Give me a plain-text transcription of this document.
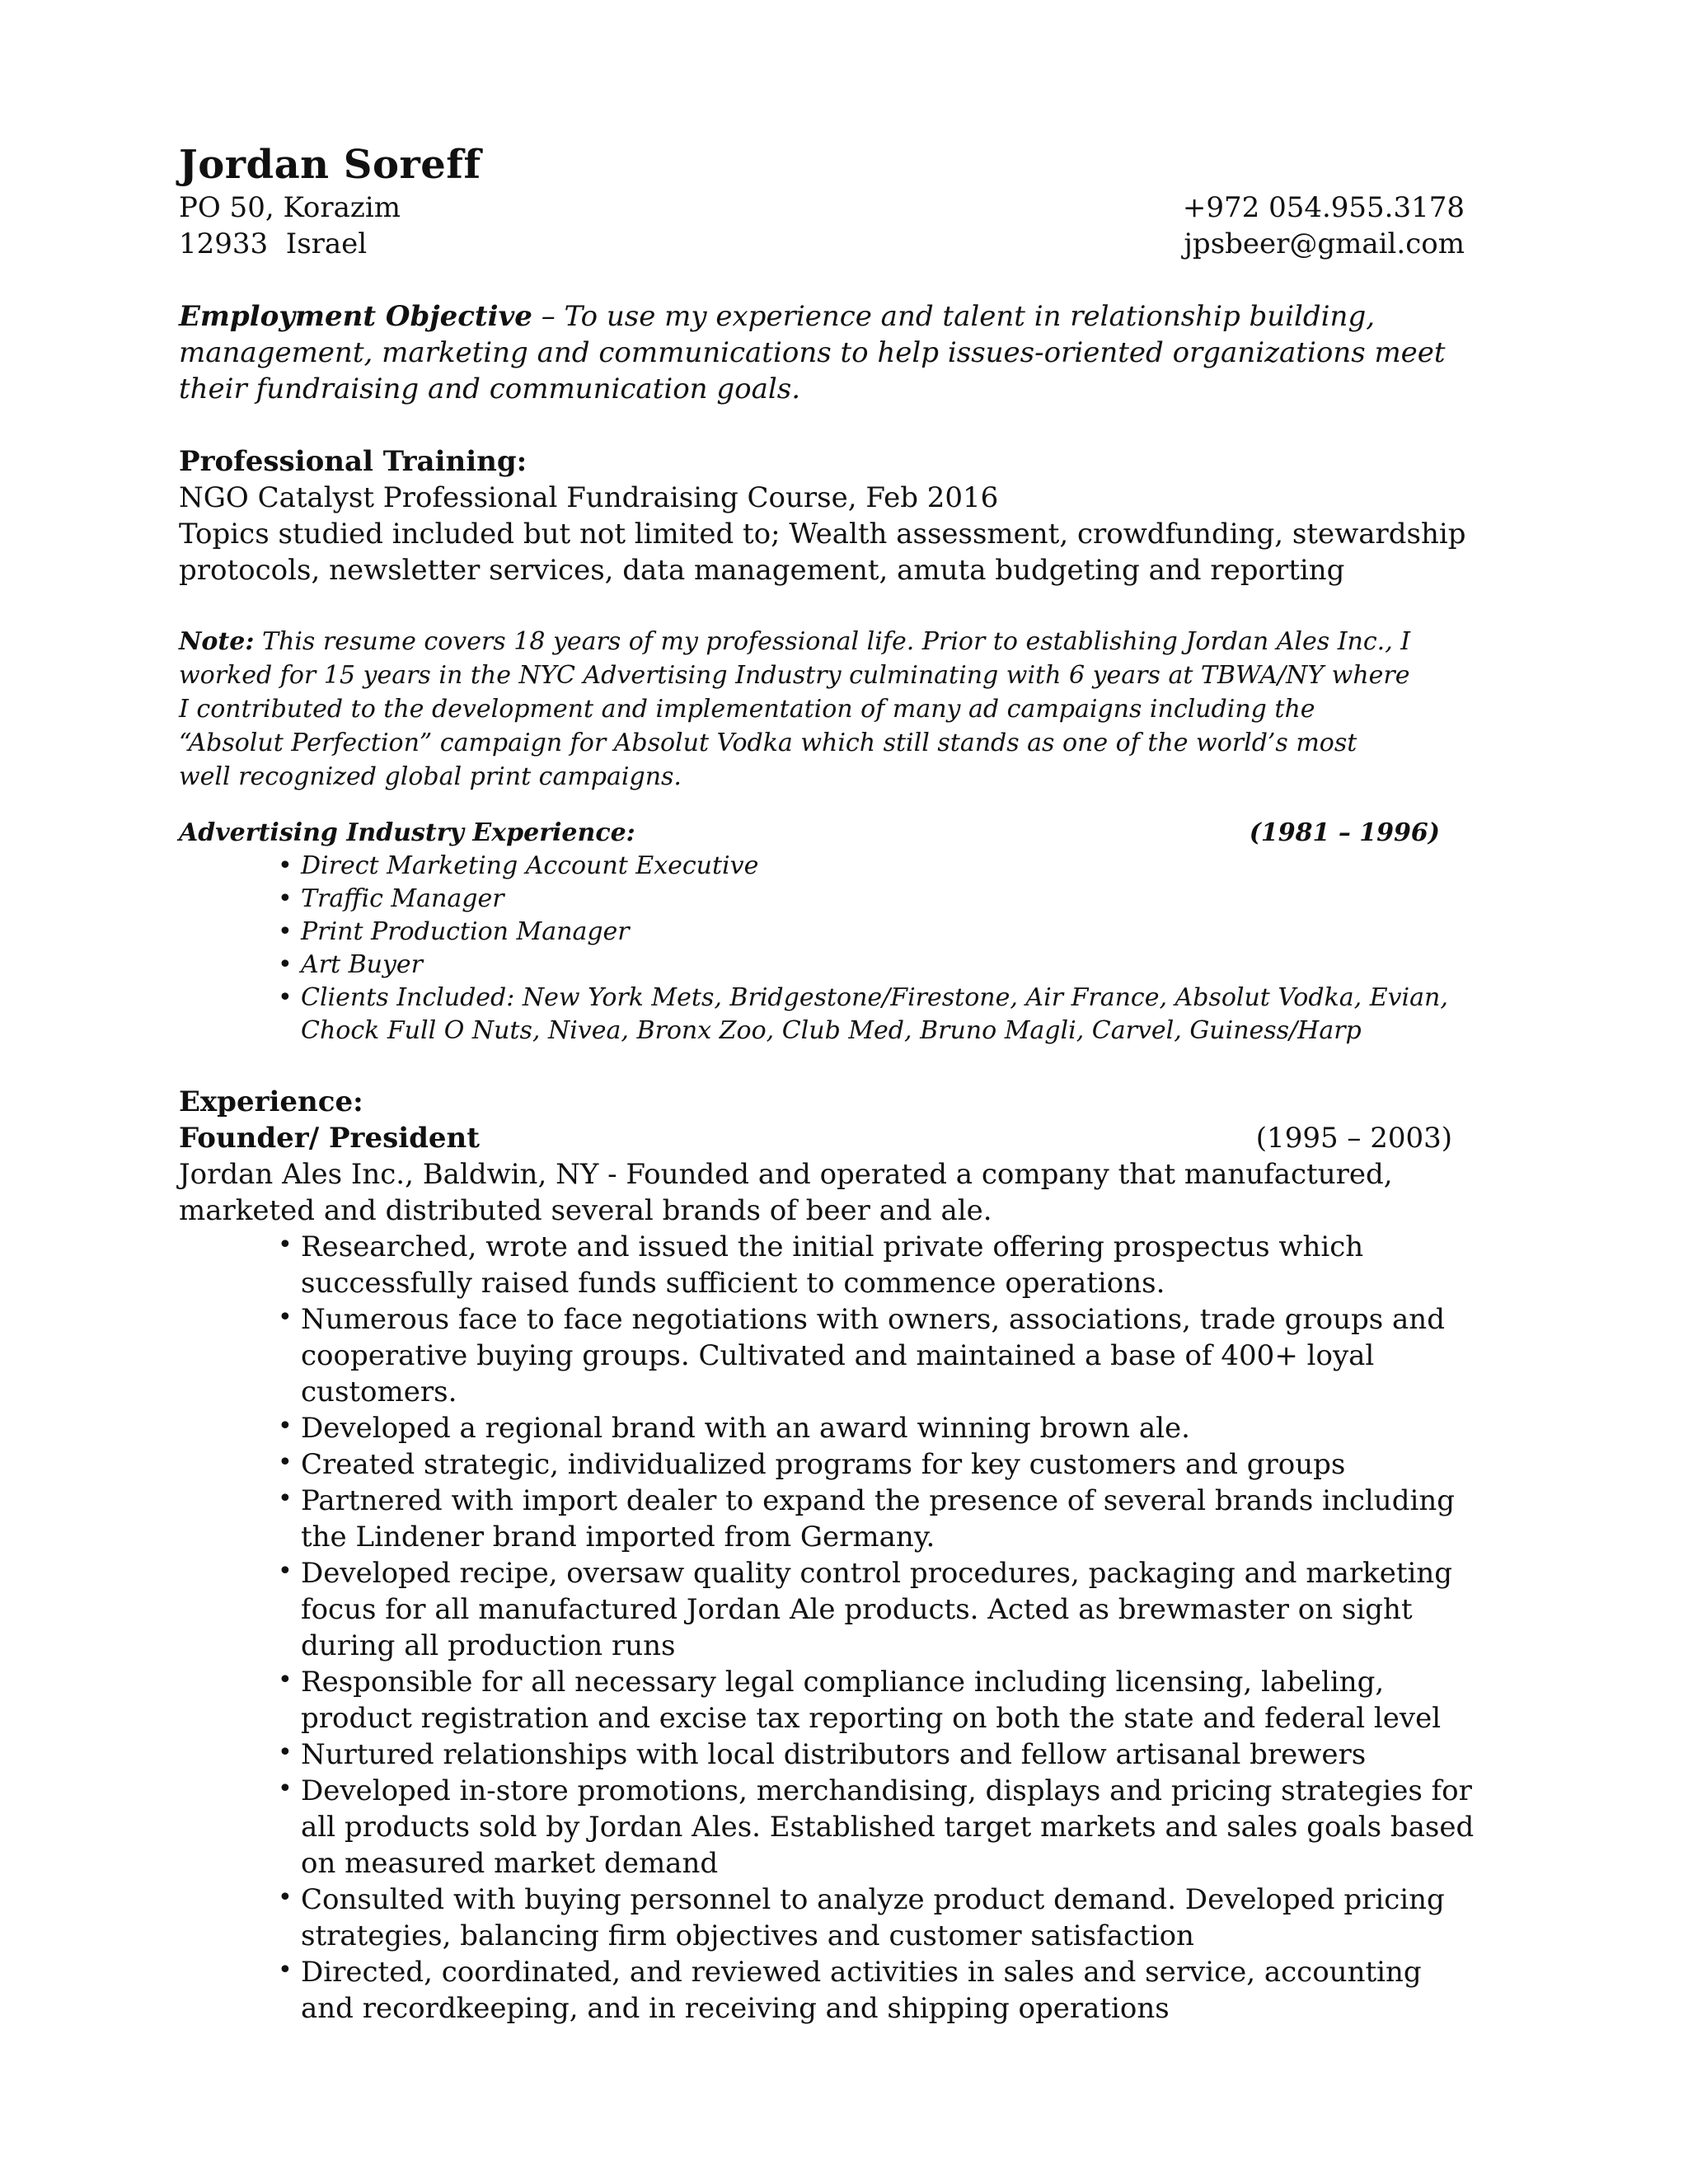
Jordan Soreff
PO 50, Korazim	+972 054.955.3178
12933  Israel	jpsbeer@gmail.com
Employment Objective – To use my experience and talent in relationship building, management, marketing and communications to help issues-oriented organizations meet their fundraising and communication goals.
Professional Training:
NGO Catalyst Professional Fundraising Course, Feb 2016
Topics studied included but not limited to; Wealth assessment, crowdfunding, stewardship protocols, newsletter services, data management, amuta budgeting and reporting
Note: This resume covers 18 years of my professional life. Prior to establishing Jordan Ales Inc., I worked for 15 years in the NYC Advertising Industry culminating with 6 years at TBWA/NY where I contributed to the development and implementation of many ad campaigns including the “Absolut Perfection” campaign for Absolut Vodka which still stands as one of the world’s most well recognized global print campaigns.
Advertising Industry Experience:	(1981 – 1996)
• Direct Marketing Account Executive
• Traffic Manager
• Print Production Manager
• Art Buyer
• Clients Included: New York Mets, Bridgestone/Firestone, Air France, Absolut Vodka, Evian, Chock Full O Nuts, Nivea, Bronx Zoo, Club Med, Bruno Magli, Carvel, Guiness/Harp
Experience:
Founder/ President	(1995 – 2003)
Jordan Ales Inc., Baldwin, NY - Founded and operated a company that manufactured, marketed and distributed several brands of beer and ale.
• Researched, wrote and issued the initial private offering prospectus which successfully raised funds sufficient to commence operations.
• Numerous face to face negotiations with owners, associations, trade groups and cooperative buying groups. Cultivated and maintained a base of 400+ loyal customers.
• Developed a regional brand with an award winning brown ale.
• Created strategic, individualized programs for key customers and groups
• Partnered with import dealer to expand the presence of several brands including the Lindener brand imported from Germany.
• Developed recipe, oversaw quality control procedures, packaging and marketing focus for all manufactured Jordan Ale products. Acted as brewmaster on sight during all production runs
• Responsible for all necessary legal compliance including licensing, labeling, product registration and excise tax reporting on both the state and federal level
• Nurtured relationships with local distributors and fellow artisanal brewers
• Developed in-store promotions, merchandising, displays and pricing strategies for all products sold by Jordan Ales. Established target markets and sales goals based on measured market demand
• Consulted with buying personnel to analyze product demand. Developed pricing strategies, balancing firm objectives and customer satisfaction
• Directed, coordinated, and reviewed activities in sales and service, accounting and recordkeeping, and in receiving and shipping operations
